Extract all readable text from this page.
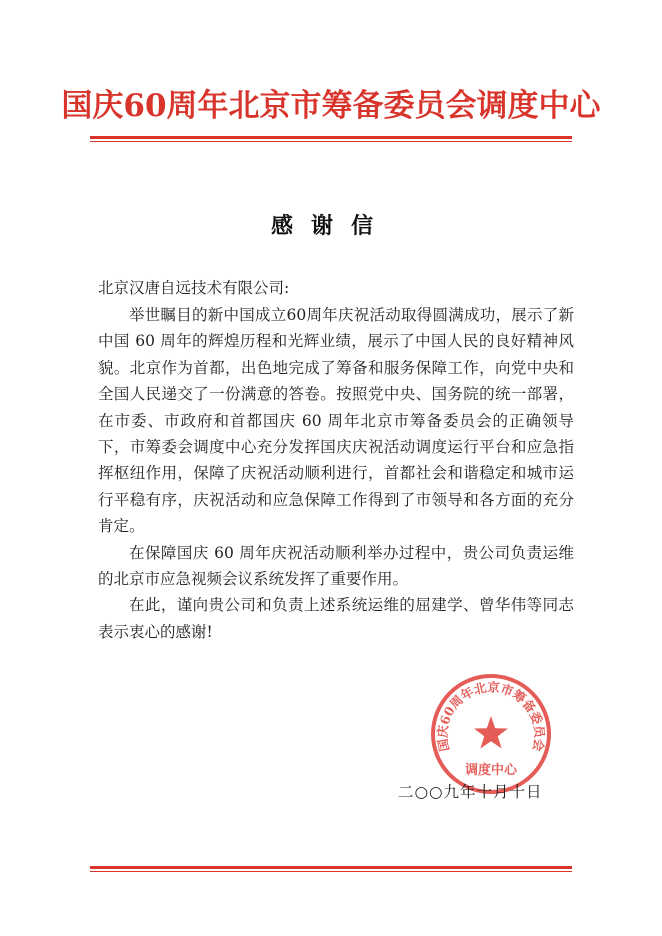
国庆60周年北京市筹备委员会调度中心
感谢信
北京汉唐自远技术有限公司:

举世瞩目的新中国成立60周年庆祝活动取得圆满成功，展示了新中国 60 周年的辉煌历程和光辉业绩，展示了中国人民的良好精神风貌。北京作为首都，出色地完成了筹备和服务保障工作，向党中央和全国人民递交了一份满意的答卷。按照党中央、国务院的统一部署，在市委、市政府和首都国庆 60 周年北京市筹备委员会的正确领导下，市筹委会调度中心充分发挥国庆庆祝活动调度运行平台和应急指挥枢纽作用，保障了庆祝活动顺利进行，首都社会和谐稳定和城市运行平稳有序，庆祝活动和应急保障工作得到了市领导和各方面的充分肯定。

在保障国庆 60 周年庆祝活动顺利举办过程中，贵公司负责运维的北京市应急视频会议系统发挥了重要作用。

在此，谨向贵公司和负责上述系统运维的屈建学、曾华伟等同志表示衷心的感谢!

国庆60周年北京市筹备委员会
调度中心
二○○九年十月十日
